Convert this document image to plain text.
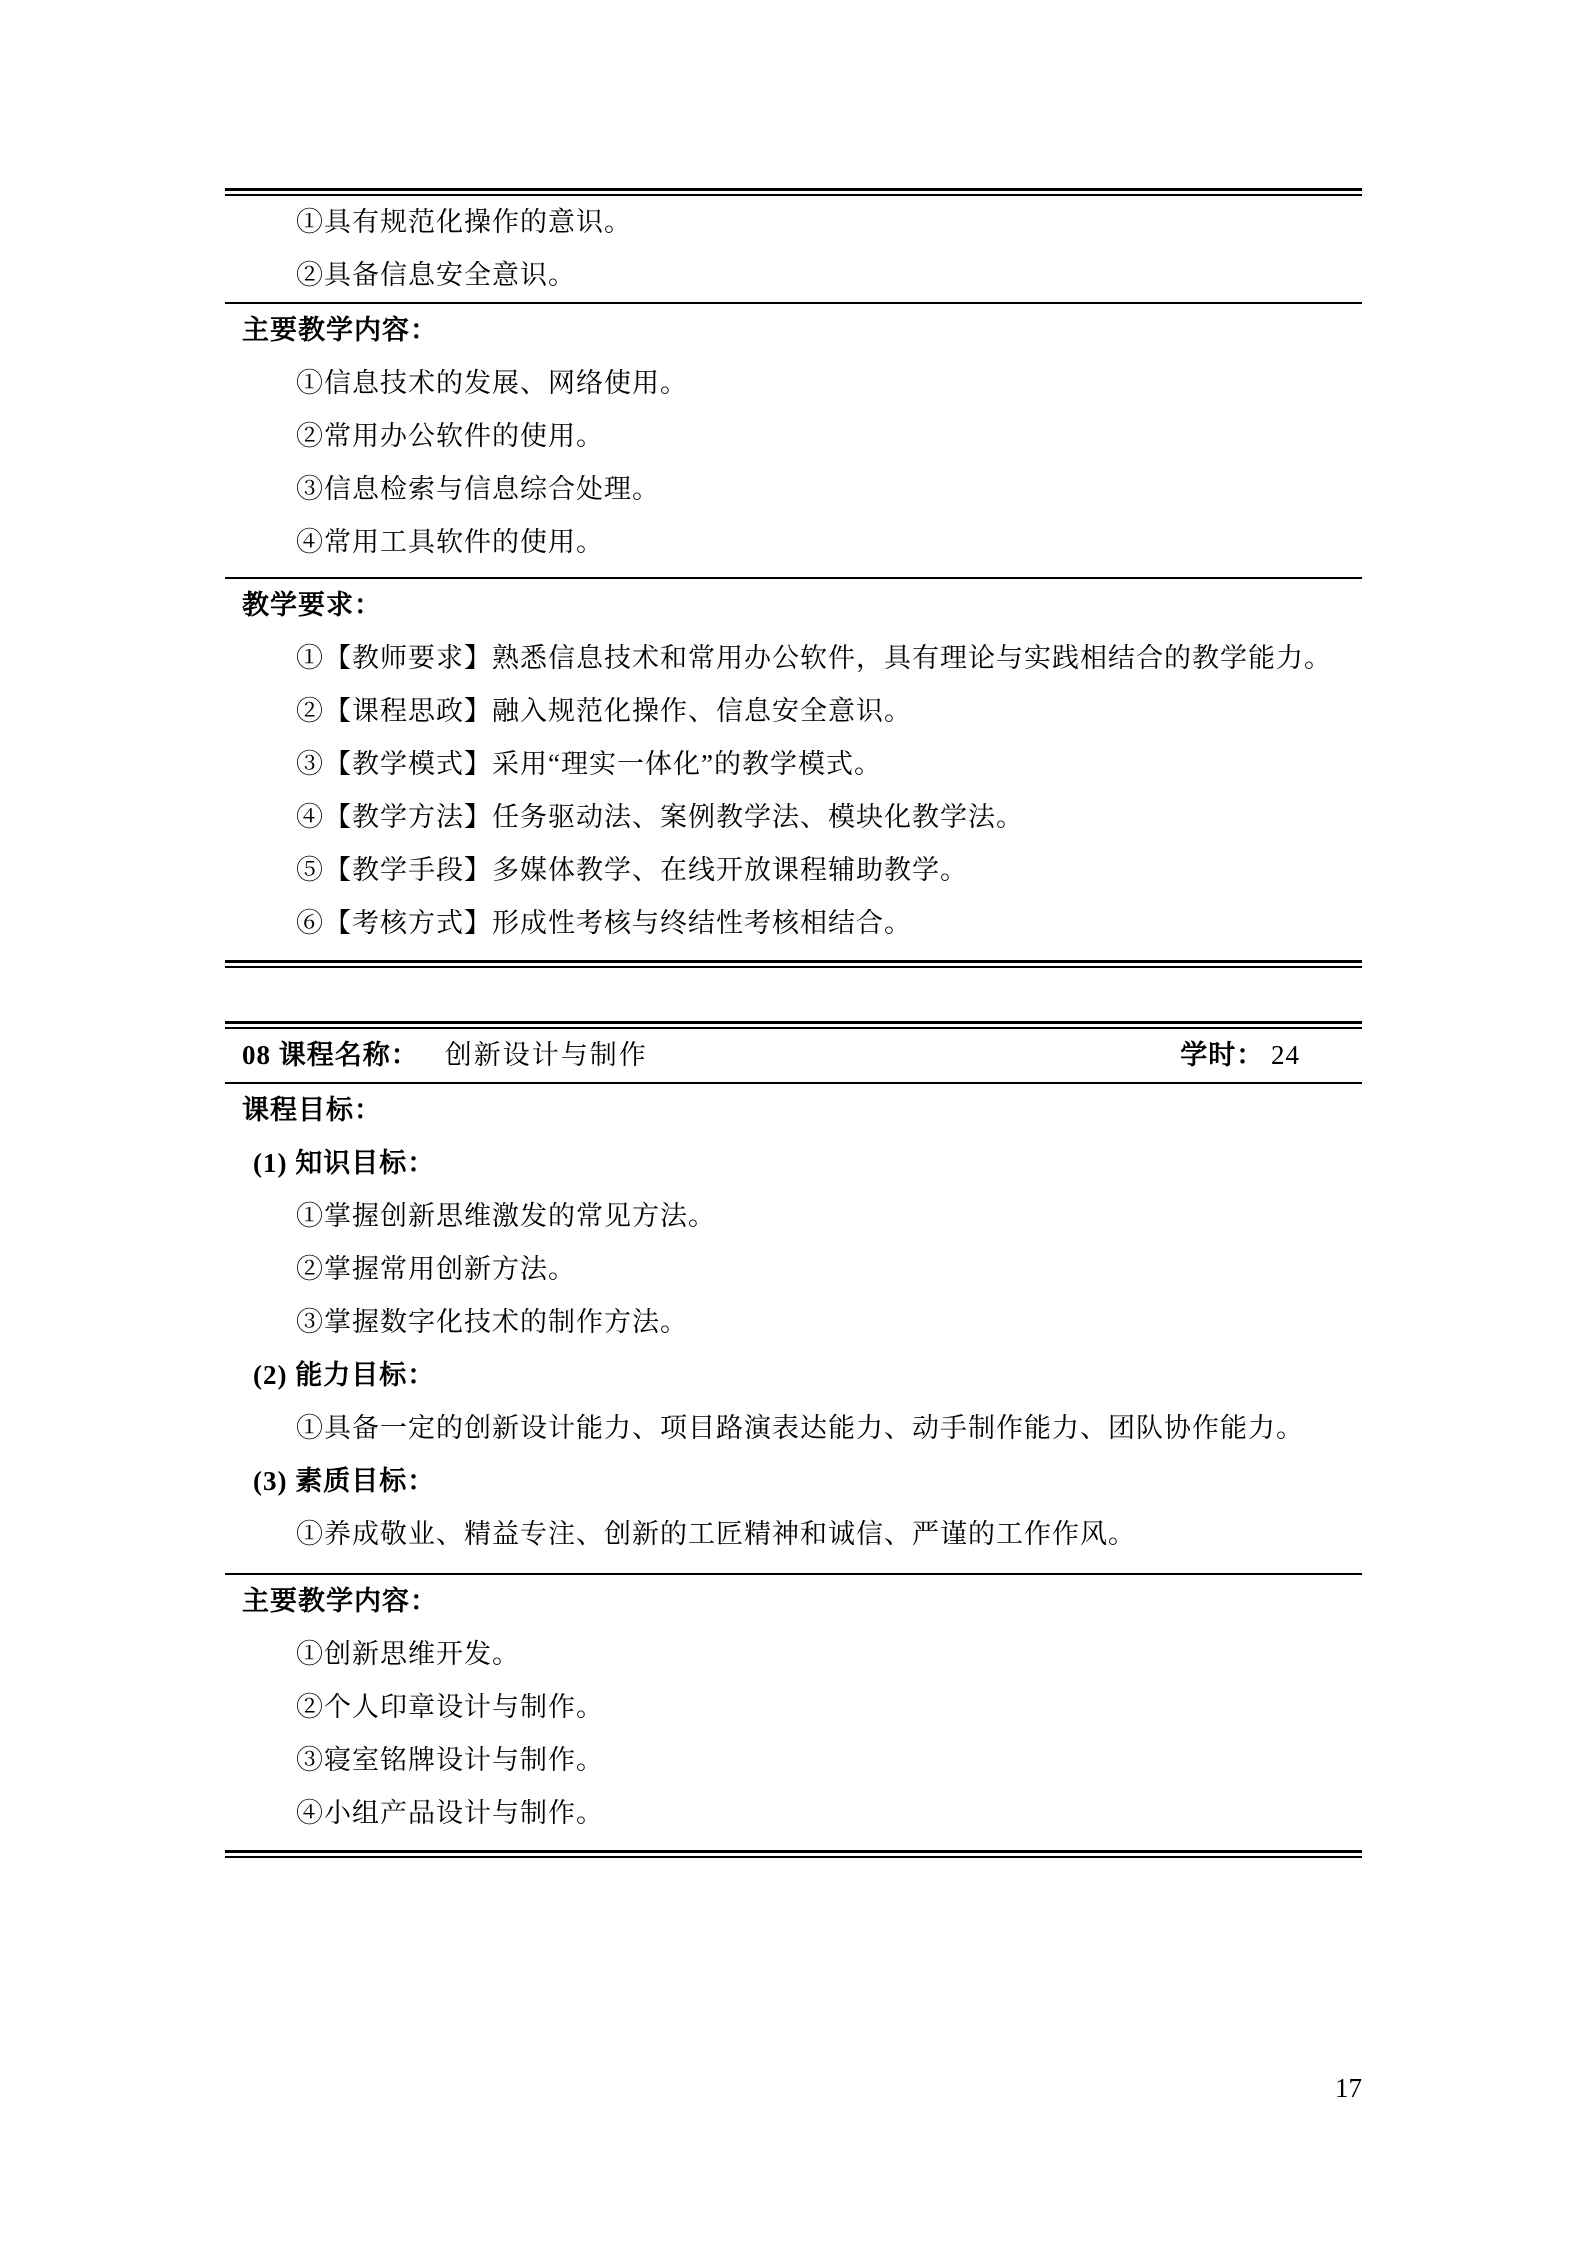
①具有规范化操作的意识。
②具备信息安全意识。
主要教学内容：
①信息技术的发展、网络使用。
②常用办公软件的使用。
③信息检索与信息综合处理。
④常用工具软件的使用。
教学要求：
①【教师要求】熟悉信息技术和常用办公软件，具有理论与实践相结合的教学能力。
②【课程思政】融入规范化操作、信息安全意识。
③【教学模式】采用“理实一体化”的教学模式。
④【教学方法】任务驱动法、案例教学法、模块化教学法。
⑤【教学手段】多媒体教学、在线开放课程辅助教学。
⑥【考核方式】形成性考核与终结性考核相结合。
08 课程名称： 创新设计与制作	学时： 24
课程目标：
(1) 知识目标：
①掌握创新思维激发的常见方法。
②掌握常用创新方法。
③掌握数字化技术的制作方法。
(2) 能力目标：
①具备一定的创新设计能力、项目路演表达能力、动手制作能力、团队协作能力。
(3) 素质目标：
①养成敬业、精益专注、创新的工匠精神和诚信、严谨的工作作风。
主要教学内容：
①创新思维开发。
②个人印章设计与制作。
③寝室铭牌设计与制作。
④小组产品设计与制作。
17
